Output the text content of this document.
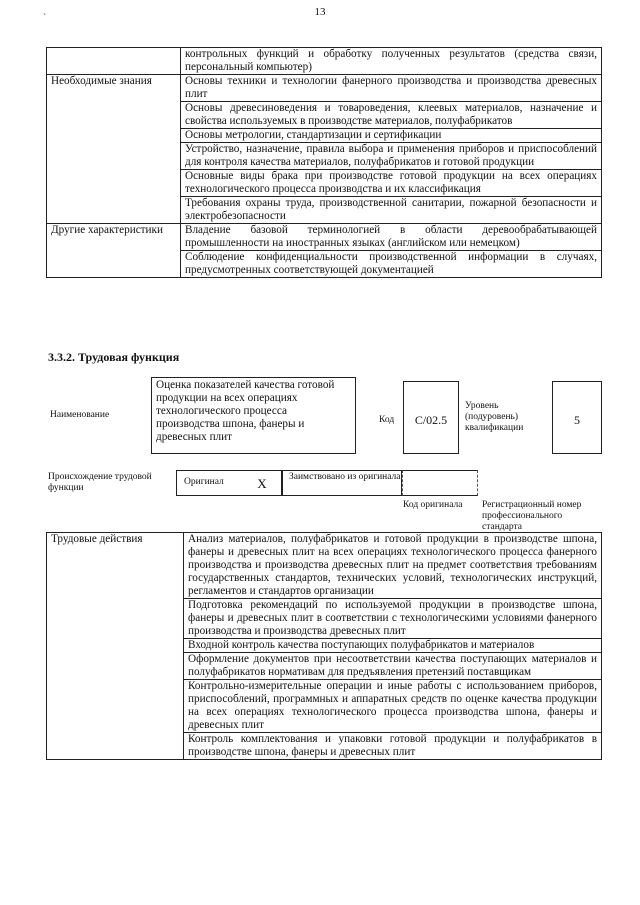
13
`
	контрольных функций и обработку полученных результатов (средства связи, персональный компьютер)
Необходимые знания	Основы техники и технологии фанерного производства и производства древесных плит
	Основы древесиноведения и товароведения, клеевых материалов, назначение и свойства используемых в производстве материалов, полуфабрикатов
	Основы метрологии, стандартизации и сертификации
	Устройство, назначение, правила выбора и применения приборов и приспособлений для контроля качества материалов, полуфабрикатов и готовой продукции
	Основные виды брака при производстве готовой продукции на всех операциях технологического процесса производства и их классификация
	Требования охраны труда, производственной санитарии, пожарной безопасности и электробезопасности
Другие характеристики	Владение базовой терминологией в области деревообрабатывающей промышленности на иностранных языках (английском или немецком)
	Соблюдение конфиденциальности производственной информации в случаях, предусмотренных соответствующей документацией
3.3.2. Трудовая функция
Наименование
Оценка показателей качества готовой продукции на всех операциях технологического процесса производства шпона, фанеры и древесных плит
Код	С/02.5
Уровень (подуровень) квалификации
5
Происхождение трудовой функции
Оригинал	X	Заимствовано из оригинала
Код оригинала Регистрационный номер профессионального стандарта
Трудовые действия	Анализ материалов, полуфабрикатов и готовой продукции в производстве шпона, фанеры и древесных плит на всех операциях технологического процесса фанерного производства и производства древесных плит на предмет соответствия требованиям государственных стандартов, технических условий, технологических инструкций, регламентов и стандартов организации
Подготовка рекомендаций по используемой продукции в производстве шпона, фанеры и древесных плит в соответствии с технологическими условиями фанерного производства и производства древесных плит
Входной контроль качества поступающих полуфабрикатов и материалов
Оформление документов при несоответствии качества поступающих материалов и полуфабрикатов нормативам для предъявления претензий поставщикам
Контрольно-измерительные операции и иные работы с использованием приборов, приспособлений, программных и аппаратных средств по оценке качества продукции на всех операциях технологического процесса производства шпона, фанеры и древесных плит
Контроль комплектования и упаковки готовой продукции и полуфабрикатов в производстве шпона, фанеры и древесных плит
